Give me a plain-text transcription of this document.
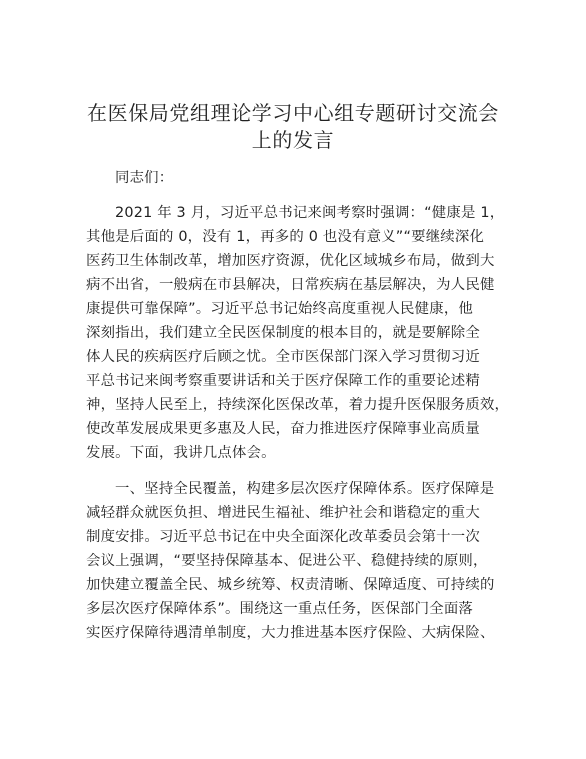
在医保局党组理论学习中心组专题研讨交流会
上的发言
同志们：
2021 年 3 月，习近平总书记来闽考察时强调：“健康是 1，
其他是后面的 0，没有 1，再多的 0 也没有意义”“要继续深化
医药卫生体制改革，增加医疗资源，优化区域城乡布局，做到大
病不出省，一般病在市县解决，日常疾病在基层解决，为人民健
康提供可靠保障”。习近平总书记始终高度重视人民健康，他
深刻指出，我们建立全民医保制度的根本目的，就是要解除全
体人民的疾病医疗后顾之忧。全市医保部门深入学习贯彻习近
平总书记来闽考察重要讲话和关于医疗保障工作的重要论述精
神，坚持人民至上，持续深化医保改革，着力提升医保服务质效，
使改革发展成果更多惠及人民，奋力推进医疗保障事业高质量
发展。下面，我讲几点体会。
一、坚持全民覆盖，构建多层次医疗保障体系。医疗保障是
减轻群众就医负担、增进民生福祉、维护社会和谐稳定的重大
制度安排。习近平总书记在中央全面深化改革委员会第十一次
会议上强调，“要坚持保障基本、促进公平、稳健持续的原则，
加快建立覆盖全民、城乡统筹、权责清晰、保障适度、可持续的
多层次医疗保障体系”。围绕这一重点任务，医保部门全面落
实医疗保障待遇清单制度，大力推进基本医疗保险、大病保险、
